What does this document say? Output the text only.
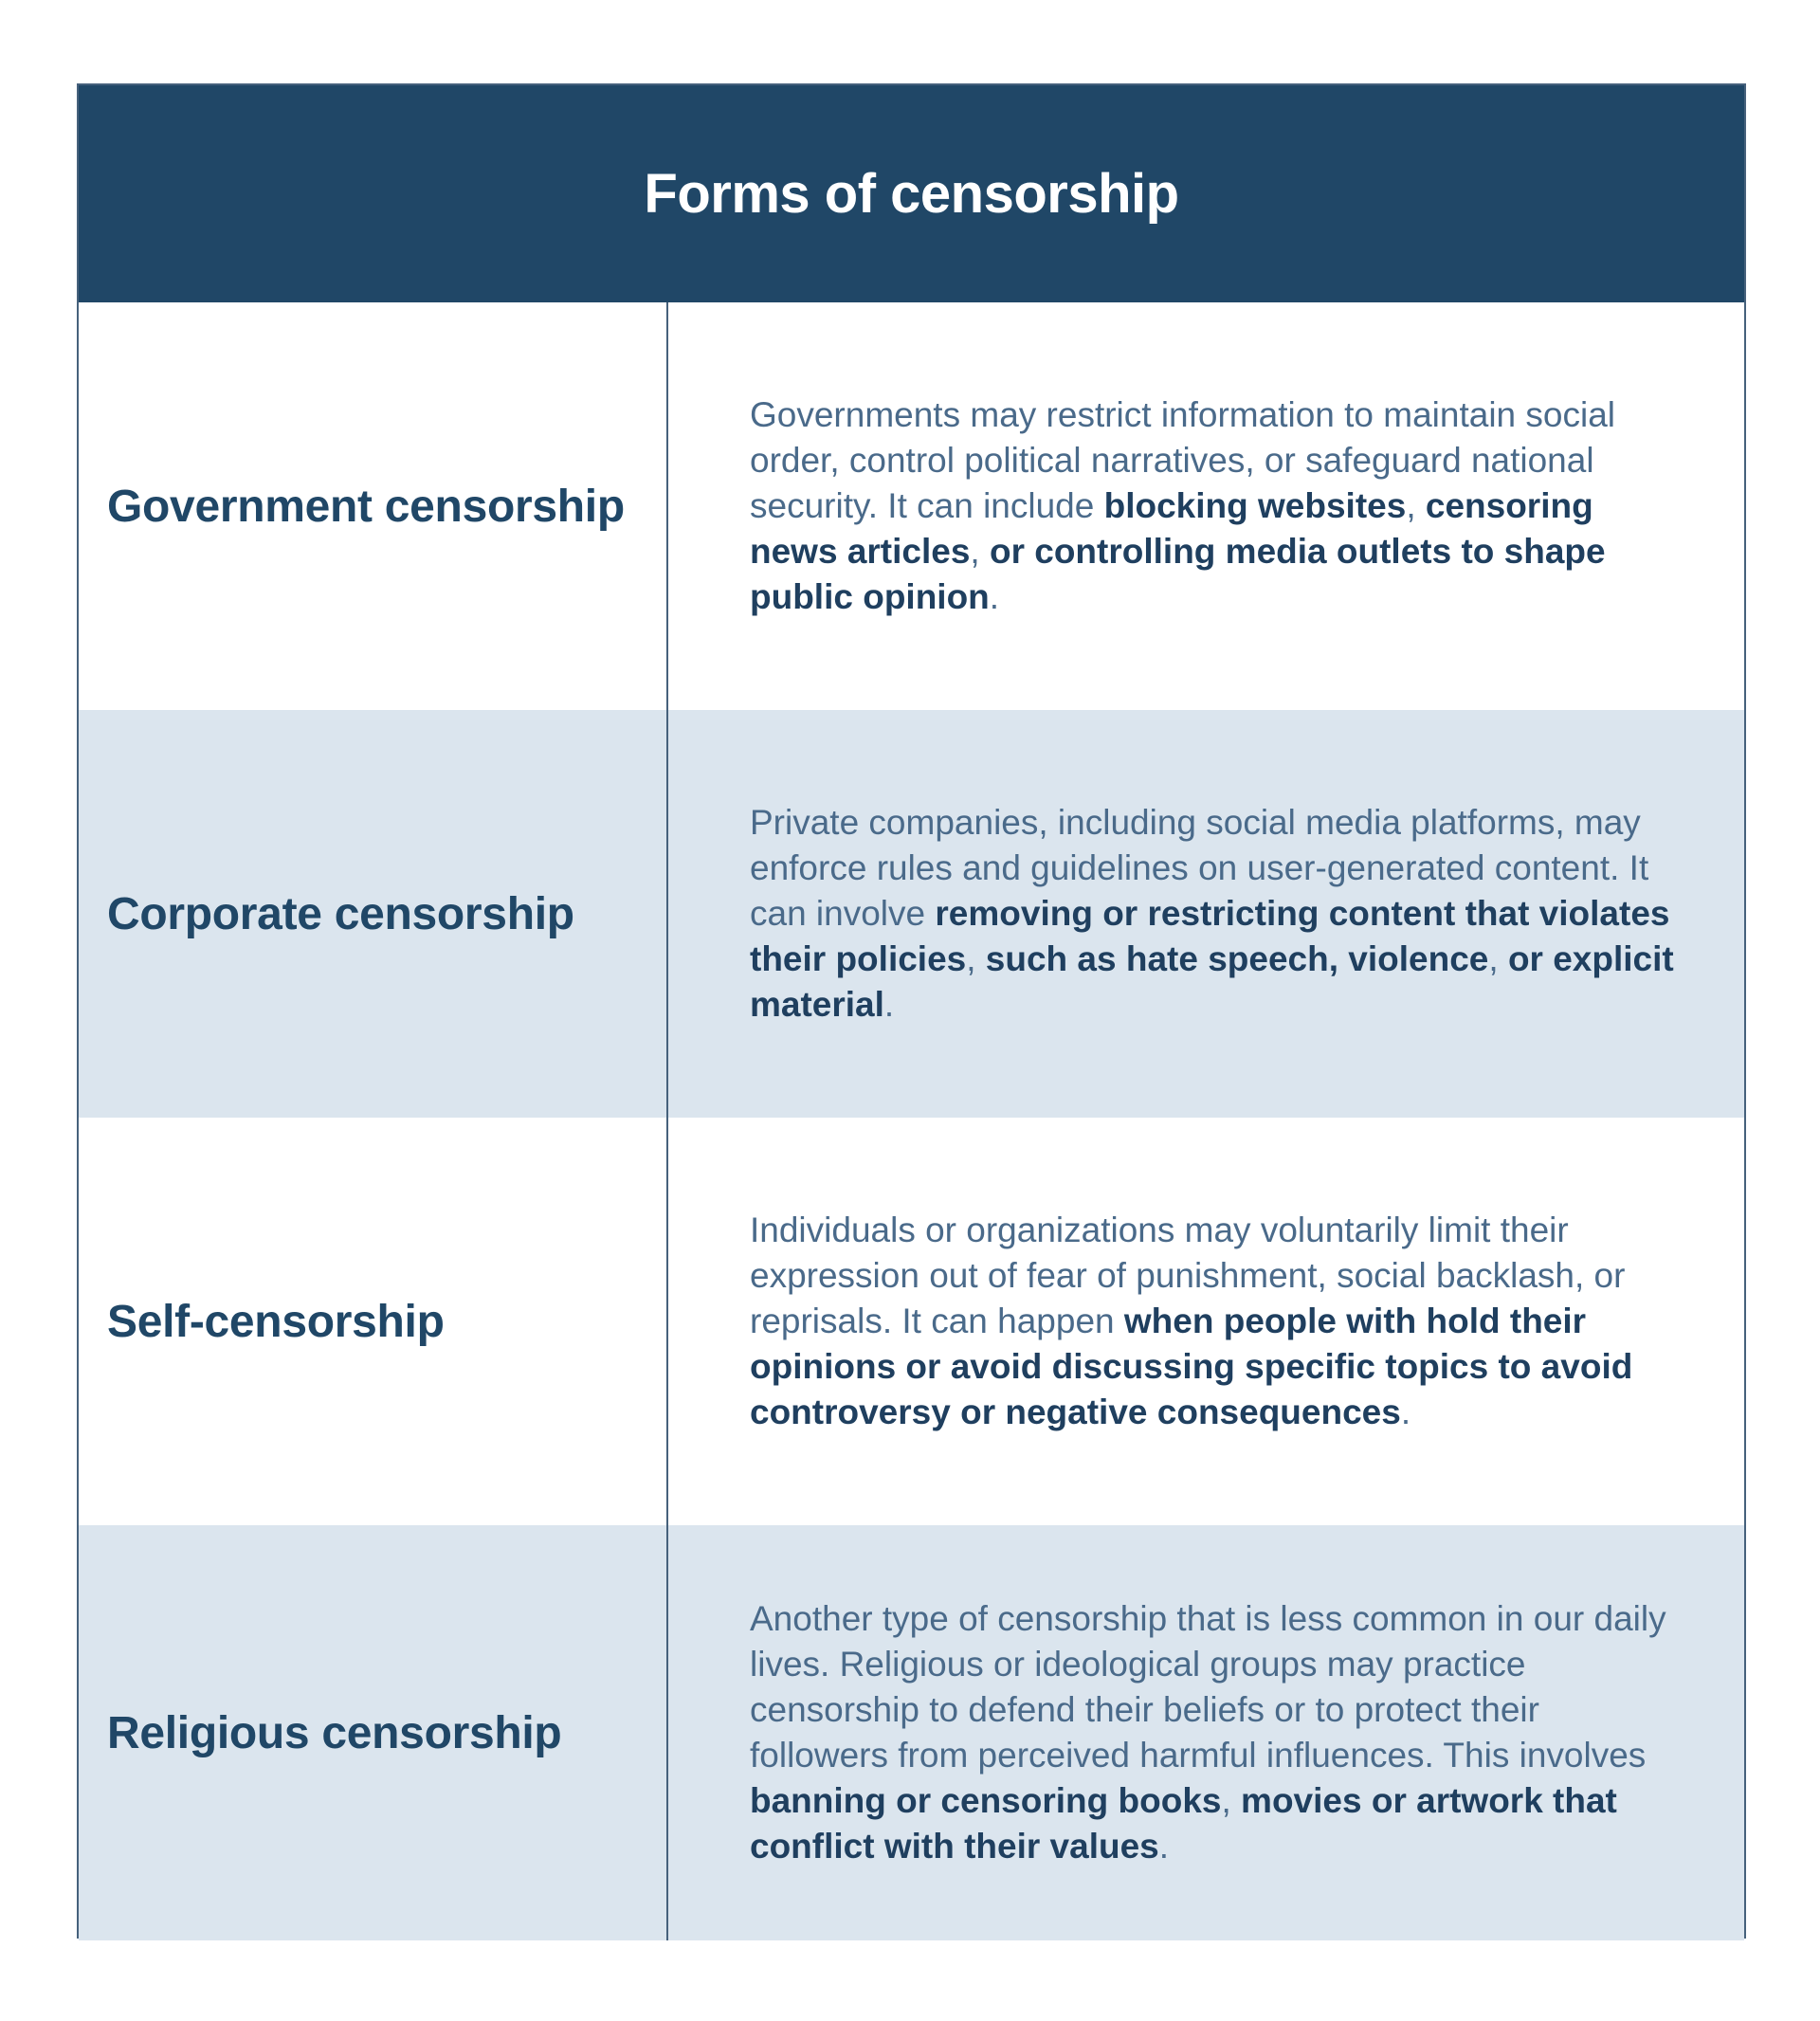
Forms of censorship
Government censorship
Governments may restrict information to maintain social order, control political narratives, or safeguard national security. It can include blocking websites, censoring news articles, or controlling media outlets to shape public opinion.
Corporate censorship
Private companies, including social media platforms, may enforce rules and guidelines on user-generated content. It can involve removing or restricting content that violates their policies, such as hate speech, violence, or explicit material.
Self-censorship
Individuals or organizations may voluntarily limit their expression out of fear of punishment, social backlash, or reprisals. It can happen when people with hold their opinions or avoid discussing specific topics to avoid controversy or negative consequences.
Religious censorship
Another type of censorship that is less common in our daily lives. Religious or ideological groups may practice censorship to defend their beliefs or to protect their followers from perceived harmful influences. This involves banning or censoring books, movies or artwork that conflict with their values.
